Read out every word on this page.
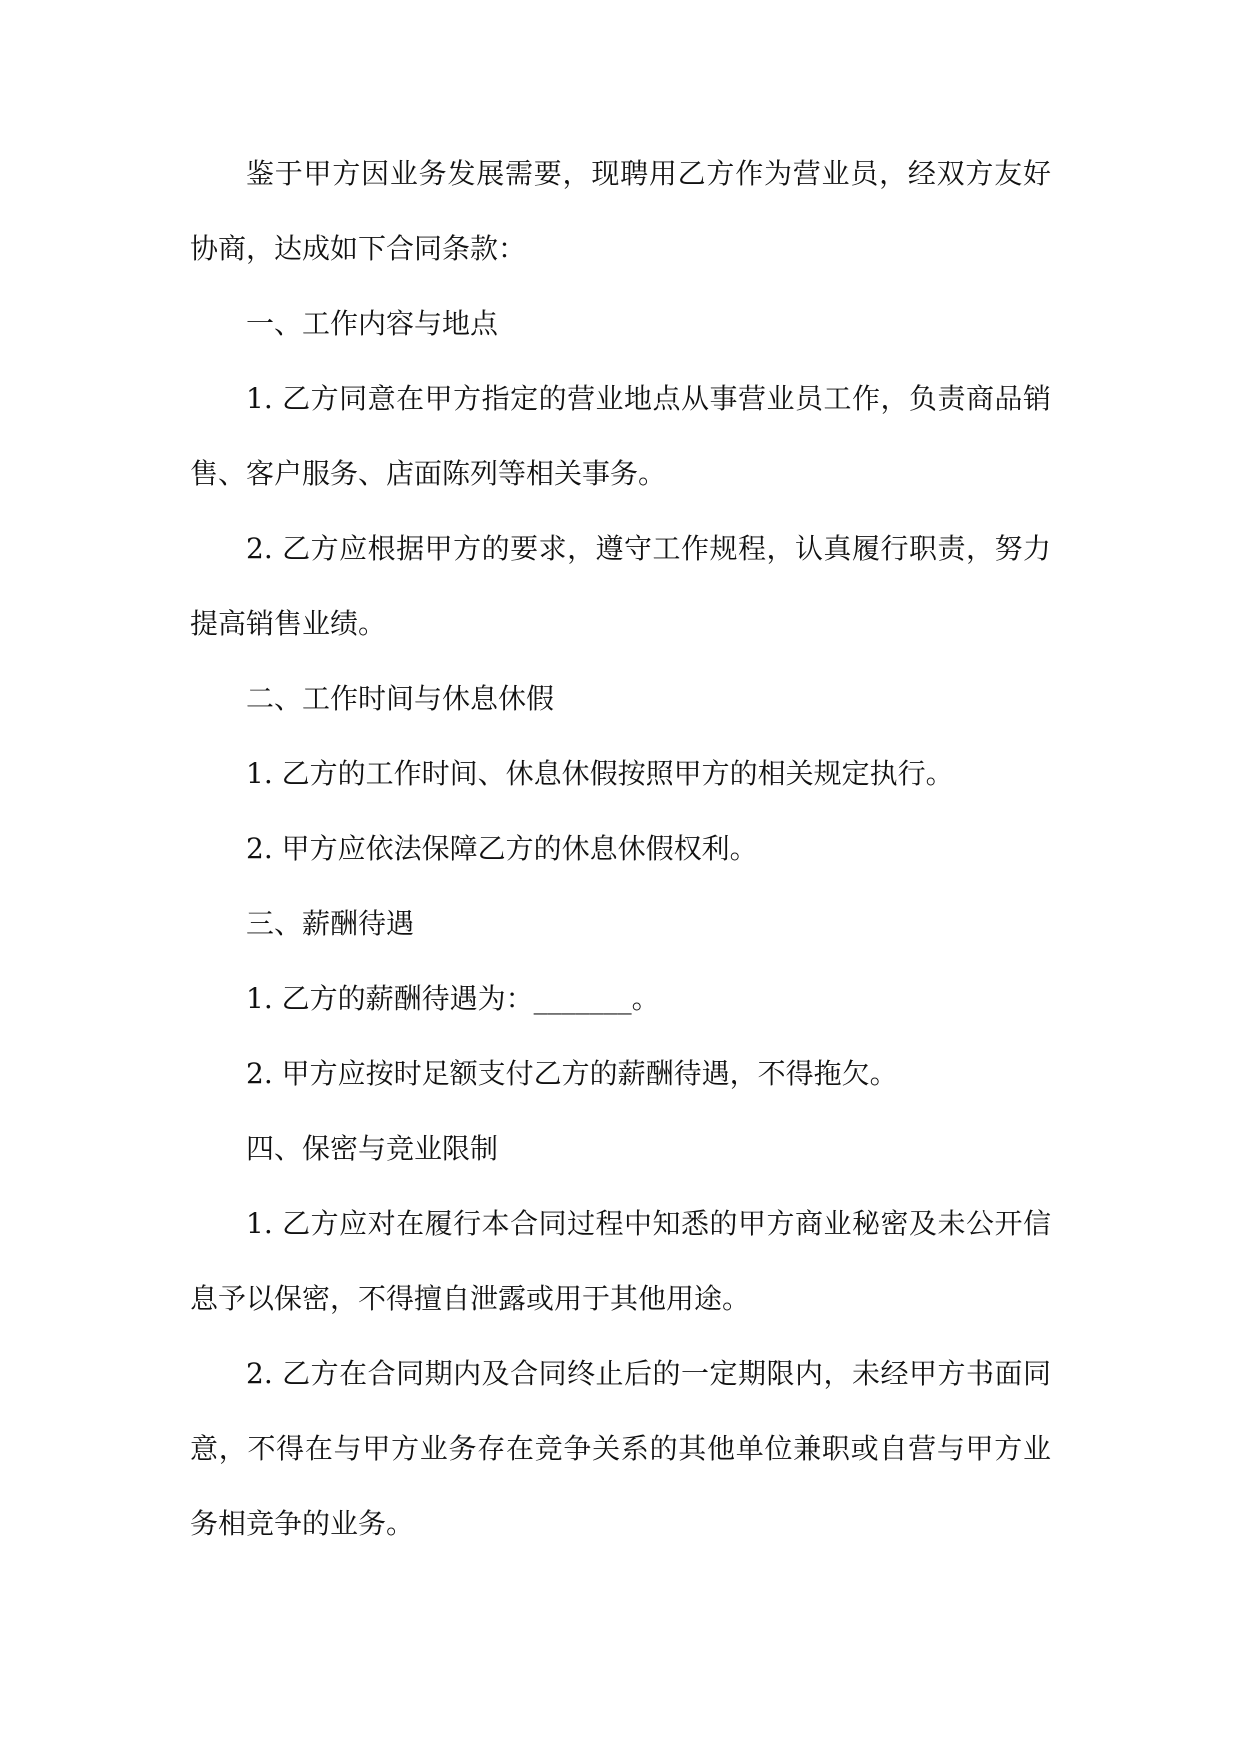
鉴于甲方因业务发展需要，现聘用乙方作为营业员，经双方友好协商，达成如下合同条款：

一、工作内容与地点

1. 乙方同意在甲方指定的营业地点从事营业员工作，负责商品销售、客户服务、店面陈列等相关事务。

2. 乙方应根据甲方的要求，遵守工作规程，认真履行职责，努力提高销售业绩。

二、工作时间与休息休假

1. 乙方的工作时间、休息休假按照甲方的相关规定执行。

2. 甲方应依法保障乙方的休息休假权利。

三、薪酬待遇

1. 乙方的薪酬待遇为：_______。

2. 甲方应按时足额支付乙方的薪酬待遇，不得拖欠。

四、保密与竞业限制

1. 乙方应对在履行本合同过程中知悉的甲方商业秘密及未公开信息予以保密，不得擅自泄露或用于其他用途。

2. 乙方在合同期内及合同终止后的一定期限内，未经甲方书面同意，不得在与甲方业务存在竞争关系的其他单位兼职或自营与甲方业务相竞争的业务。
